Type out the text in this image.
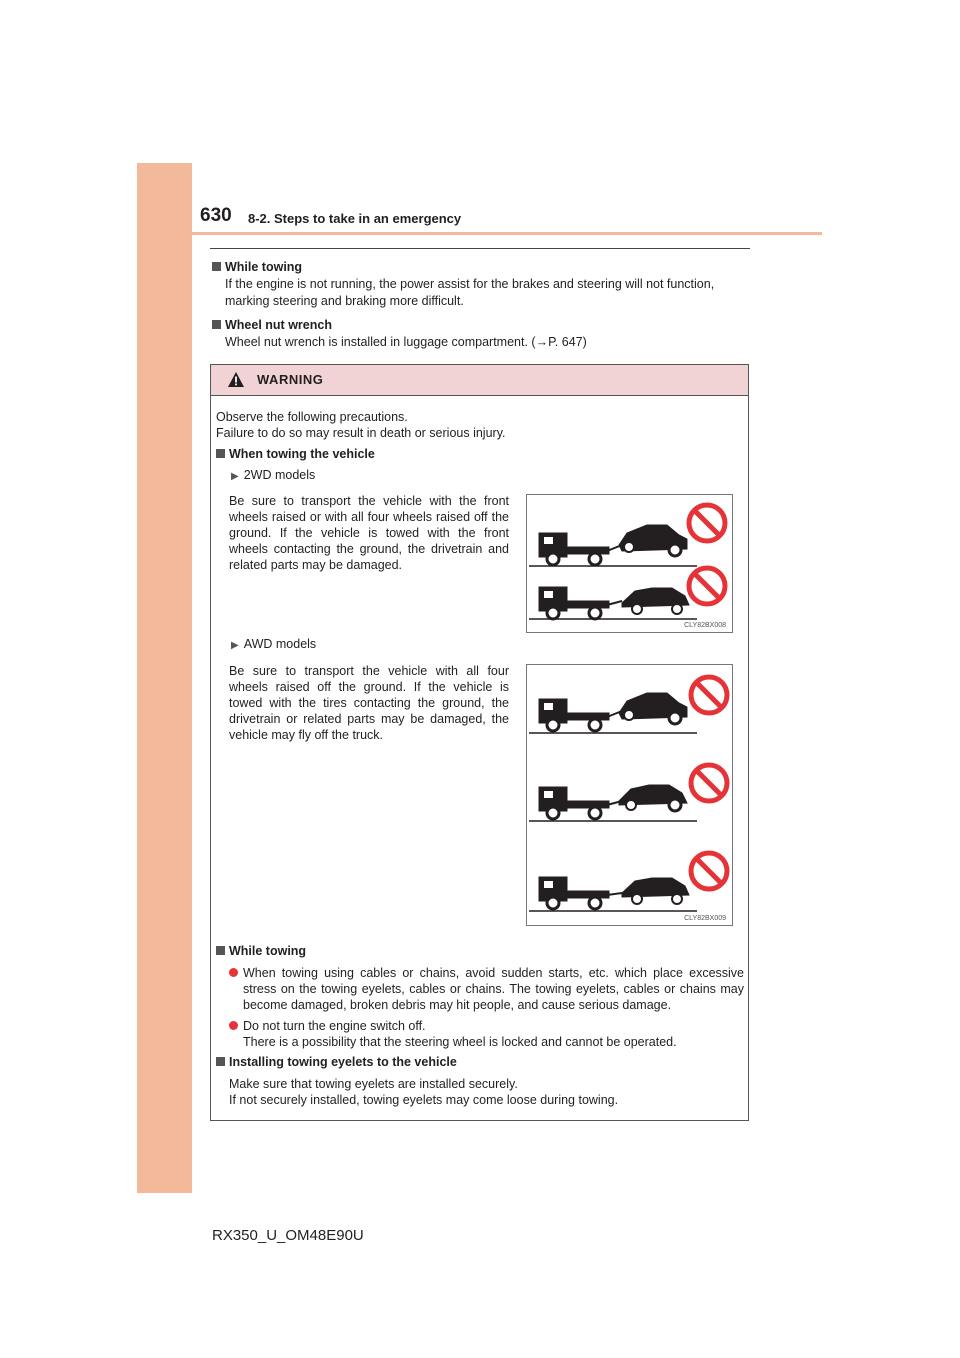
630 8-2. Steps to take in an emergency
While towing
If the engine is not running, the power assist for the brakes and steering will not function, marking steering and braking more difficult.
Wheel nut wrench
Wheel nut wrench is installed in luggage compartment. (→P. 647)
WARNING
Observe the following precautions.
Failure to do so may result in death or serious injury.
When towing the vehicle
▶ 2WD models
Be sure to transport the vehicle with the front wheels raised or with all four wheels raised off the ground. If the vehicle is towed with the front wheels contacting the ground, the drivetrain and related parts may be damaged.
CLY82BX008
▶ AWD models
Be sure to transport the vehicle with all four wheels raised off the ground. If the vehicle is towed with the tires contacting the ground, the drivetrain or related parts may be damaged, the vehicle may fly off the truck.
CLY82BX009
While towing
When towing using cables or chains, avoid sudden starts, etc. which place excessive stress on the towing eyelets, cables or chains. The towing eyelets, cables or chains may become damaged, broken debris may hit people, and cause serious damage.
Do not turn the engine switch off.
There is a possibility that the steering wheel is locked and cannot be operated.
Installing towing eyelets to the vehicle
Make sure that towing eyelets are installed securely.
If not securely installed, towing eyelets may come loose during towing.
RX350_U_OM48E90U
